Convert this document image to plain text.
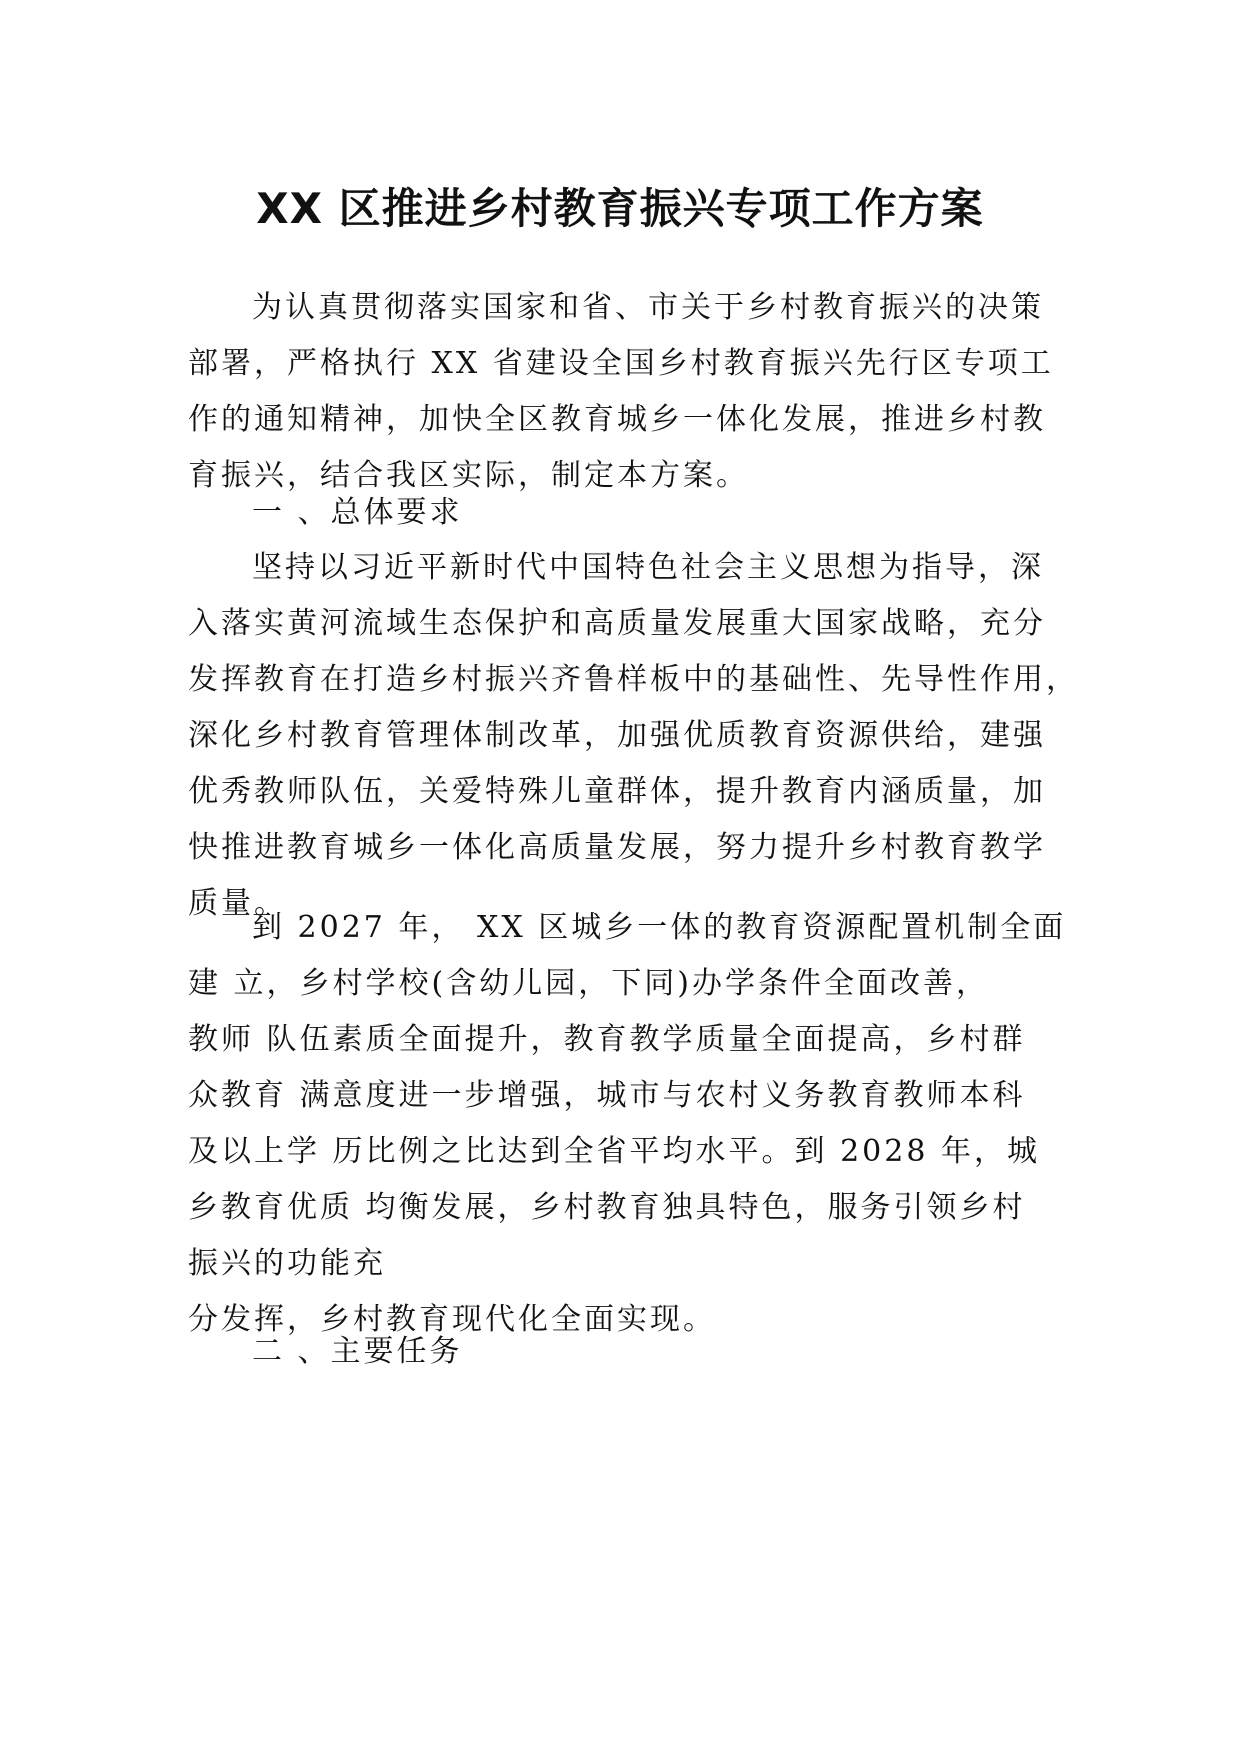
XX 区推进乡村教育振兴专项工作方案
为认真贯彻落实国家和省、市关于乡村教育振兴的决策
部署，严格执行 XX 省建设全国乡村教育振兴先行区专项工
作的通知精神，加快全区教育城乡一体化发展，推进乡村教
育振兴，结合我区实际，制定本方案。
一 、总体要求
坚持以习近平新时代中国特色社会主义思想为指导，深
入落实黄河流域生态保护和高质量发展重大国家战略，充分
发挥教育在打造乡村振兴齐鲁样板中的基础性、先导性作用，
深化乡村教育管理体制改革，加强优质教育资源供给，建强
优秀教师队伍，关爱特殊儿童群体，提升教育内涵质量，加
快推进教育城乡一体化高质量发展，努力提升乡村教育教学
质量。
到 2027 年， XX 区城乡一体的教育资源配置机制全面
建 立，乡村学校(含幼儿园，下同)办学条件全面改善，
教师 队伍素质全面提升，教育教学质量全面提高，乡村群
众教育 满意度进一步增强，城市与农村义务教育教师本科
及以上学 历比例之比达到全省平均水平。到 2028 年，城
乡教育优质 均衡发展，乡村教育独具特色，服务引领乡村
振兴的功能充
分发挥，乡村教育现代化全面实现。
二 、主要任务
